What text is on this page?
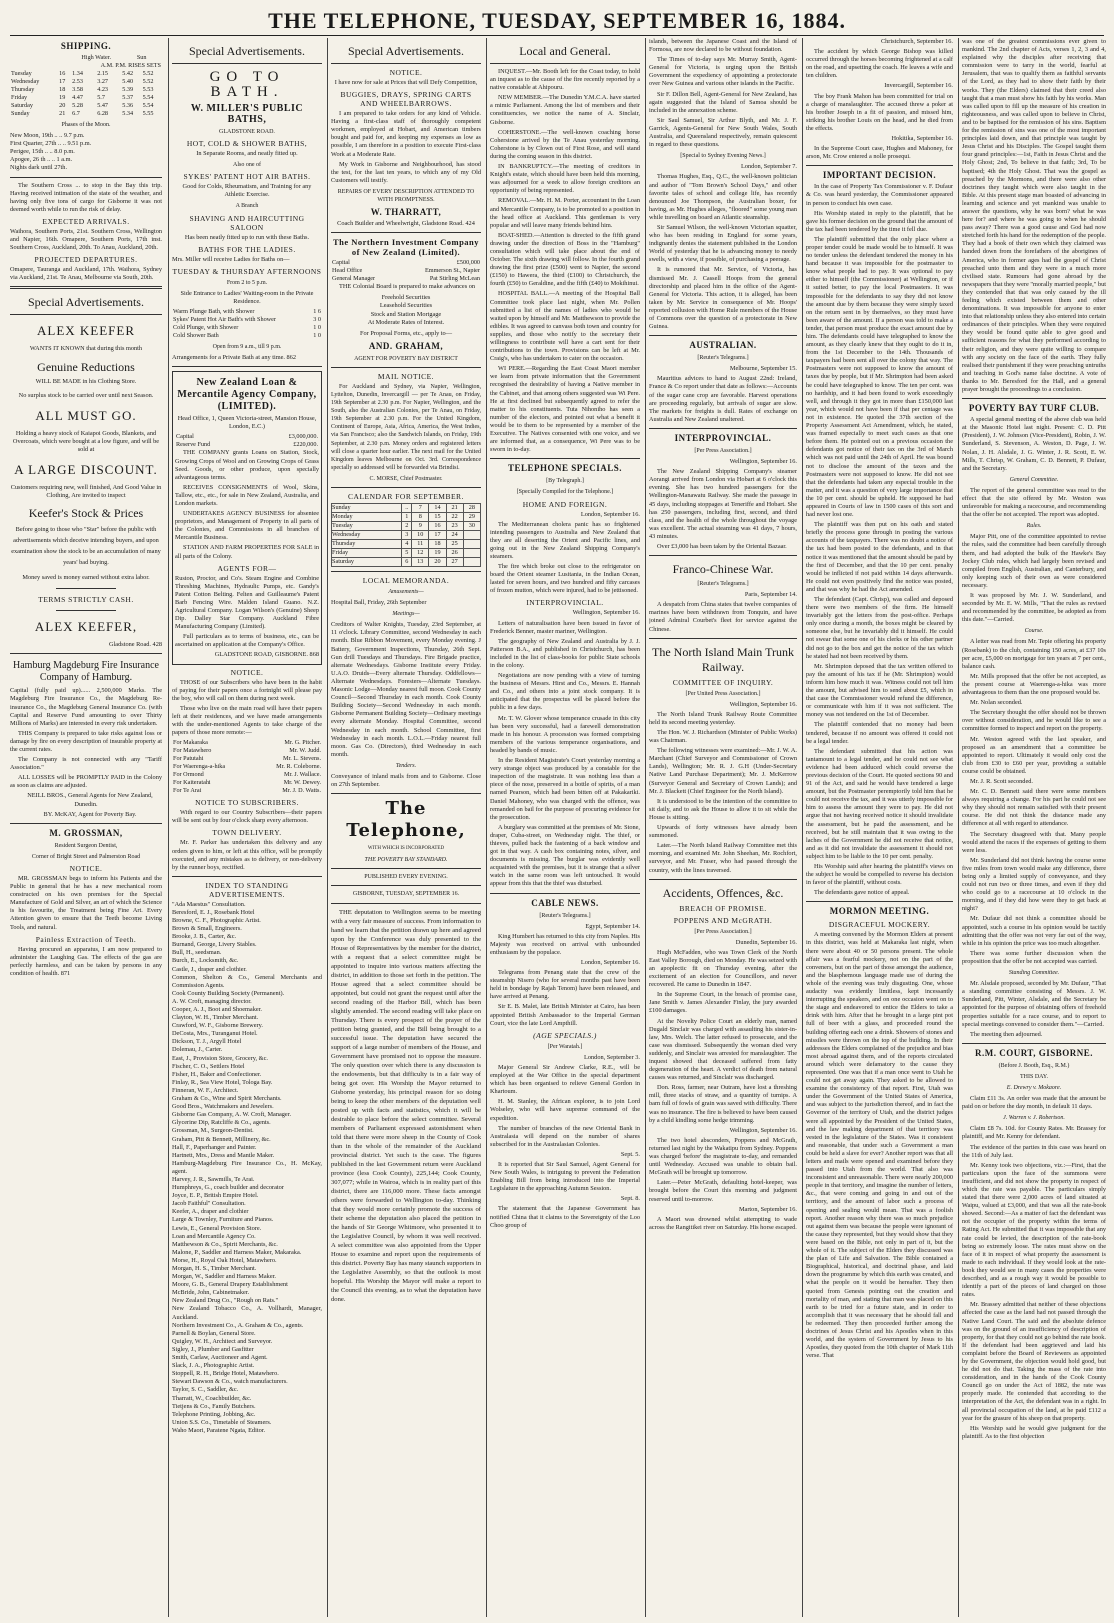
THE TELEPHONE, TUESDAY, SEPTEMBER 16, 1884.
SHIPPING.
		High Water.		Sun	
A.M. P.M. RISES SETS					
Tuesday	16	1.34	2.15	5.42	5.52
Wednesday	17	2.53	3.27	5.40	5.52
Thursday	18	3.58	4.23	5.39	5.53
Friday	19	4.47	5.7	5.37	5.54
Saturday	20	5.28	5.47	5.36	5.54
Sunday	21	6.7	6.28	5.34	5.55
Phases of the Moon.
New Moon, 19th .. .. 9.7 p.m.
First Quarter, 27th .. .. 9.51 p.m.
Perigee, 15th .. .. 8.0 p.m.
Apogee, 26 th .. .. 1 a.m.
Nights dark until 27th.

The Southern Cross ... to stop in the Bay this trip. Having received intimation of the state of the weather, and having only five tons of cargo for Gisborne it was not deemed worth while to run the risk of delay.

EXPECTED ARRIVALS.

Waihora, Southern Ports, 21st. Southern Cross, Wellington and Napier, 16th. Omapere, Southern Ports, 17th inst. Southern Cross, Auckland, 20th. To Anau, Auckland, 20th.

PROJECTED DEPARTURES.

Omapere, Tauranga and Auckland, 17th. Waihora, Sydney via Auckland, 21st. Te Anau, Melbourne via South, 20th.

Special Advertisements.
ALEX KEEFER

WANTS IT KNOWN that during this month

Genuine Reductions

WILL BE MADE in his Clothing Store.

No surplus stock to be carried over until next Season.

ALL MUST GO.

Holding a heavy stock of Kaiapoi Goods, Blankets, and Overcoats, which were bought at a low figure, and will be sold at

A LARGE DISCOUNT.

Customers requiring new, well finished, And Good Value in Clothing, Are invited to inspect

Keefer's Stock & Prices

Before going to those who "Star" before the public with advertisements which deceive intending buyers, and upon examination show the stock to be an accumulation of many years' bad buying.

Money saved is money earned without extra labor.

TERMS STRICTLY CASH.
ALEX KEEFER,

Gladstone Road. 428

Hamburg Magdeburg Fire Insurance Company of Hamburg.

Capital (fully paid up)...... 2,500,000 Marks. The Magdeburg Fire Insurance Co., the Magdeburg Re-insurance Co., the Magdeburg General Insurance Co. (with Capital and Reserve Fund amounting to over Thirty Millions of Marks) are interested in every risk undertaken.

THIS Company is prepared to take risks against loss or damage by fire on every description of insurable property at the current rates.

The Company is not connected with any "Tariff Association."

ALL LOSSES will be PROMPTLY PAID in the Colony as soon as claims are adjusted.

NEILL BROS., General Agents for New Zealand, Dunedin.

BY. McKAY, Agent for Poverty Bay.

M. GROSSMAN,
Resident Surgeon Dentist,
Corner of Bright Street and Palmerston Road
NOTICE.

MR. GROSSMAN begs to inform his Patients and the Public in general that he has a new mechanical room constructed on his own premises for the Special Manufacture of Gold and Silver, an art of which the Science is his favourite, the Treatment being Fine Art. Every Attention given to ensure that the Teeth become Living Tools, and natural.

Painless Extraction of Teeth.

Having procured an apparatus, I am now prepared to administer the Laughing Gas. The effects of the gas are perfectly harmless, and can be taken by persons in any condition of health. 871

Special Advertisements.
GO TO BATH.
W. MILLER'S PUBLIC BATHS,
GLADSTONE ROAD.
HOT, COLD & SHOWER BATHS,

In Separate Rooms, and neatly fitted up.

Also one of
SYKES' PATENT HOT AIR BATHS.

Good for Colds, Rheumatism, and Training for any Athletic Exercise.

A Branch
SHAVING AND HAIRCUTTING SALOON

Has been neatly fitted up to run with these Baths.

BATHS FOR THE LADIES.

Mrs. Miller will receive Ladies for Baths on—

TUESDAY & THURSDAY AFTERNOONS
From 2 to 5 p.m.

Side Entrance to Ladies' Waiting-room in the Private Residence.

Warm Plunge Bath, with Shower	1 6
Sykes' Patent Hot Air Bath's with Shower	3 0
Cold Plunge, with Shower	1 0
Cold Shower Bath	1 0
Open from 9 a.m., till 9 p.m.

Arrangements for a Private Bath at any time. 862

New Zealand Loan & Mercantile Agency Company, (LIMITED).

Head Office, 1, Queen Victoria-street, Mansion House, London, E.C.)

Capital	£3,000,000.
Reserve Fund	£220,000.

THE COMPANY grants Loans on Station, Stock, Growing Crops of Wool and on Growing Crops of Grass Seed. Goods, or other produce, upon specially advantageous terms.

RECEIVES CONSIGNMENTS of Wool, Skins, Tallow, etc., etc., for sale in New Zealand, Australia, and London markets.

UNDERTAKES AGENCY BUSINESS for absentee proprietors, and Management of Property in all parts of the Colonies, and Commissions in all branches of Mercantile Business.

STATION AND FARM PROPERTIES FOR SALE in all parts of the Colony.

AGENTS FOR—

Ruston, Proctor, and Co's. Steam Engine and Combine Threshing Machines, Hydraulic Pumps, etc. Gandy's Patent Cotton Belting. Felten and Guilleaume's Patent Barb Fencing Wire. Malden Island Guano. N.Z. Agricultural Company. Logan Wilson's (Genuine) Sheep Dip. Dalley Star Company. Auckland Fibre Manufacturing Company (Limited).

Full particulars as to terms of business, etc., can be ascertained on application at the Company's Office.

GLADSTONE ROAD, GISBORNE. 868

NOTICE.

THOSE of our Subscribers who have been in the habit of paying for their papers once a fortnight will please pay the boy, who will call on them during next week.

Those who live on the main road will have their papers left at their residences, and we have made arrangements with the under-mentioned Agents to take charge of the papers of those more remote:—

For Makaraka	Mr. G. Pitcher.
For Matawhero	Mr. W. Judd.
For Patutahi	Mr. L. Stevens.
For Waerenga-a-hika	Mr. R. Coleborne.
For Ormond	Mr. J. Wallace.
For Kaiteratahi	Mr. W. Dewey.
For Te Arai	Mr. J. D. Watts.
NOTICE TO SUBSCRIBERS.

With regard to our Country Subscribers—their papers will be sent out by four o'clock sharp every afternoon.

TOWN DELIVERY.

Mr. F. Parker has undertaken this delivery and any orders given to him, or left at this office, will be promptly executed, and any mistakes as to delivery, or non-delivery by the runner boys, rectified.

INDEX TO STANDING ADVERTISEMENTS.
"Ada Maestus" Consultation.
Beresford, E. J., Rosebank Hotel
Browne, C. F., Photographic Artist.
Brown & Small, Engineers.
Brooke, J. B., Carter, &c.
Burnand, George, Livery Stables.
Bull, H., seedsman.
Burch, E., Locksmith, &c.
Castle, J., draper and clothier.
Common, Shelton & Co., General Merchants and Commission Agents.
Cook County Building Society (Permanent).
A. W. Croft, managing director.
Cooper, A. J., Boot and Shoemaker.
Clayton, W. H., Timber Merchant.
Crawford, W. F., Gisborne Brewery.
DeCosta, Mrs., Turanganui Hotel.
Dickson, T. J., Argyll Hotel
Dolemau, J., Carter.
East, J., Provision Store, Grocery, &c.
Fischer, C. O., Settlers Hotel
Fisher, H., Baker and Confectioner.
Finlay, R., Sea View Hotel, Tologa Bay.
Finneran, W. F., Architect.
Graham & Co., Wine and Spirit Merchants.
Good Bros., Watchmakers and Jewelers.
Gisborne Gas Company, A. W. Croft, Manager.
Glycerine Dip, Ratcliffe & Co., agents.
Grossman, M., Surgeon-Dentist.
Graham, Pitt & Bennett, Millinery, &c.
Hall, F., Paperhanger and Painter.
Hartnett, Mrs., Dress and Mantle Maker.
Hamburg-Magdeburg Fire Insurance Co., H. McKay, agent.
Harvey, J. R., Sawmills, Te Arai.
Humphreys, G., coach builder and decorator
Joyce, E. P., British Empire Hotel.
Jacob Faithful" Consultation.
Keefer, A., draper and clothier
Large & Townley, Furniture and Pianos.
Lewis, E., General Provision Store.
Loan and Mercantile Agency Co.
Matthewson & Co., Spirit Merchants, &c.
Malone, P., Saddler and Harness Maker, Makaraka.
Morse, H., Royal Oak Hotel, Matawhero.
Morgan, H. S., Timber Merchant.
Morgan, W., Saddler and Harness Maker.
Moore, G. B., General Drapery Establishment
McBride, John, Cabinetmaker.
New Zealand Drug Co., "Rough on Rats."
New Zealand Tobacco Co., A. Vollhardt, Manager, Auckland.
Northern Investment Co., A. Graham & Co., agents.
Parnell & Boylan, General Store.
Quigley, W. H., Architect and Surveyor.
Sigley, J., Plumber and Gasfitter
Smith, Carlaw, Auctioneer and Agent.
Slack, J. A., Photographic Artist.
Stoppell, R. H., Bridge Hotel, Matawhero.
Stewart Dawson & Co., watch manufacturers.
Taylor, S. C., Saddler, &c.
Tharratt, W., Coachbuilder, &c.
Tietjens & Co., Family Butchers.
Telephone Printing, Jobbing, &c.
Union S.S. Co., Timetable of Steamers.
Waho Maori, Paratene Ngata, Editor.
Special Advertisements.
NOTICE.

I have now for sale at Prices that will Defy Competition,

BUGGIES, DRAYS, SPRING CARTS AND WHEELBARROWS.

I am prepared to take orders for any kind of Vehicle. Having a first-class staff of thoroughly competent workmen, employed at Hobart, and American timbers bought and paid for, and keeping my expenses as low as possible, I am therefore in a position to execute First-class Work at a Moderate Rate.

My Work in Gisborne and Neighbourhood, has stood the test, for the last ten years, to which any of my Old Customers will testify.

REPAIRS OF EVERY DESCRIPTION ATTENDED TO WITH PROMPTNESS.
W. THARRATT,

Coach Builder and Wheelwright, Gladstone Road. 424

The Northern Investment Company of New Zealand (Limited).
Capital	£500,000
Head Office	Emmerson St., Napier
General Manager	Pat Stirling McLean

THE Colonial Board is prepared to make advances on

Freehold Securities
Leasehold Securities
Stock and Station Mortgage
At Moderate Rates of Interest.

For Proposal Forms, etc., apply to—

AND. GRAHAM,
AGENT FOR POVERTY BAY DISTRICT
MAIL NOTICE.

For Auckland and Sydney, via Napier, Wellington, Lyttelton, Dunedin, Invercargill — per Te Anau, on Friday, 19th September at 2.30 p.m. For Napier, Wellington, and the South, also the Australian Colonies, per Te Anau, on Friday, 19th September at 2.30 p.m. For the United Kingdom, Continent of Europe, Asia, Africa, America, the West Indies, via San Francisco; also the Sandwich Islands, on Friday, 19th September, at 2.30 p.m. Money orders and registered letters will close a quarter hour earlier. The next mail for the United Kingdom leaves Melbourne on Oct. 3rd. Correspondence specially so addressed will be forwarded via Brindisi.

C. MORSE, Chief Postmaster.
CALENDAR FOR SEPTEMBER.
Sunday	..	7	14	21	28
Monday	1	8	15	22	29
Tuesday	2	9	16	23	30
Wednesday	3	10	17	24	
Thursday	4	11	18	25	
Friday	5	12	19	26	
Saturday	6	13	20	27	
LOCAL MEMORANDA.
Amusements—

Hospital Ball, Friday, 26th September

Meetings—

Creditors of Walter Knights, Tuesday, 23rd September, at 11 o'clock. Library Committee, second Wednesday in each month. Blue Ribbon Movement, every Monday evening. J Battery, Government Inspections, Thursday, 26th Sept. Gun drill Tuesdays and Thursdays. Fire Brigade practice, alternate Wednesdays. Gisborne Institute every Friday. U.A.O. Druids—Every alternate Thursday. Oddfellows—Alternate Wednesdays. Foresters—Alternate Tuesdays. Masonic Lodge—Monday nearest full moon. Cook County Council—Second Thursday in each month. Cook County Building Society—Second Wednesday in each month. Gisborne Permanent Building Society—Ordinary meetings every alternate Monday. Hospital Committee, second Wednesday in each month. School Committee, first Wednesday in each month. L.O.L.—Friday nearest full moon. Gas Co. (Directors), third Wednesday in each month.

Tenders.

Conveyance of inland mails from and to Gisborne. Close on 27th September.

The Telephone,
WITH WHICH IS INCORPORATED
THE POVERTY BAY STANDARD.
PUBLISHED EVERY EVENING.
GISBORNE, TUESDAY, SEPTEMBER 16.

THE deputation to Wellington seems to be meeting with a very fair measure of success. From information to hand we learn that the petition drawn up here and agreed upon by the Conference was duly presented to the House of Representatives by the member for the district, with a request that a select committee might be appointed to inquire into various matters affecting the district, in addition to those set forth in the petition. The House agreed that a select committee should be appointed, but could not grant the request until after the second reading of the Harbor Bill, which has been slightly amended. The second reading will take place on Thursday. There is every prospect of the prayer of the petition being granted, and the Bill being brought to a successful issue. The deputation have secured the support of a large number of members of the House, and Government have promised not to oppose the measure. The only question over which there is any discussion is the endowments, but that difficulty is in a fair way of being got over. His Worship the Mayor returned to Gisborne yesterday, his principal reason for so doing being to keep the other members of the deputation well posted up with facts and statistics, which it will be desirable to place before the select committee. Several members of Parliament expressed astonishment when told that there were more sheep in the County of Cook than in the whole of the remainder of the Auckland provincial district. Yet such is the case. The figures published in the last Government return were Auckland province (less Cook County), 225,144; Cook County, 307,077; while in Wairoa, which is in reality part of this district, there are 116,000 more. These facts amongst others were forwarded to Wellington to-day. Thinking that they would more certainly promote the success of their scheme the deputation also placed the petition in the hands of Sir George Whitmore, who presented it to the Legislative Council, by whom it was well received. A select committee was also appointed from the Upper House to examine and report upon the requirements of this district. Poverty Bay has many staunch supporters in the Legislative Assembly, so that the outlook is most hopeful. His Worship the Mayor will make a report to the Council this evening, as to what the deputation have done.

Local and General.

INQUEST.—Mr. Booth left for the Coast today, to hold an inquest as to the cause of the fire recently reported by a native constable at Ahipouru.

NEW MEMBER.—The Dunedin Y.M.C.A. have started a mimic Parliament. Among the list of members and their constituencies, we notice the name of A. Sinclair, Gisborne.

COHERSTONE.—The well-known coaching horse Coherstone arrived by the Te Anau yesterday morning. Coherstone is by Clown out of First Rose, and will stand during the coming season in this district.

IN BANKRUPTCY.—The meeting of creditors in Knight's estate, which should have been held this morning, was adjourned for a week to allow foreign creditors an opportunity of being represented.

REMOVAL.—Mr. H. M. Porter, accountant in the Loan and Mercantile Company, is to be promoted to a position in the head office at Auckland. This gentleman is very popular and will leave many friends behind him.

BOAT-SHED.—Attention is directed to the fifth grand drawing under the direction of Boss in the "Hamburg" consultation which will take place about the end of October. The sixth drawing will follow. In the fourth grand drawing the first prize (£500) went to Napier, the second (£150) to Hawera, the third (£100) to Christchurch, the fourth (£50) to Geraldine, and the fifth (£40) to Mokihinui.

HOSPITAL BALL.—A meeting of the Hospital Ball Committee took place last night, when Mr. Pollen submitted a list of the names of ladies who would be waited upon by himself and Mr. Matthewson to provide the edibles. It was agreed to canvass both town and country for supplies, and those who notify to the secretary their willingness to contribute will have a cart sent for their contributions to the town. Provisions can be left at Mr. Craig's, who has undertaken to cater on the occasion.

WI PERE.—Regarding the East Coast Maori member we learn from private information that the Government recognised the desirability of having a Native member in the Cabinet, and that among others suggested was Wi Pere. He at first declined but subsequently agreed to refer the matter to his constituents. Tuta Nihoniho has seen a number of the electors, and pointed out what a benefit it would be to them to be represented by a member of the Executive. The Natives consented with one voice, and we are informed that, as a consequence, Wi Pere was to be sworn in to-day.

TELEPHONE SPECIALS.
[By Telegraph.]
[Specially Compiled for the Telephone.]
HOME AND FOREIGN.

London, September 16.

The Mediterranean cholera panic has so frightened intending passengers to Australia and New Zealand that they are all deserting the Orient and Pacific lines, and going out in the New Zealand Shipping Company's steamers.

The fire which broke out close to the refrigerator on board the Orient steamer Lusitania, in the Indian Ocean, lasted for seven hours, and two hundred and fifty carcases of frozen mutton, which were injured, had to be jettisoned.

INTERPROVINCIAL.

Wellington, September 16.

Letters of naturalisation have been issued in favor of Frederick Benner, master mariner, Wellington.

The geography of New Zealand and Australia by J. J. Patterson B.A., and published in Christchurch, has been included in the list of class-books for public State schools in the colony.

Negotiations are now pending with a view of turning the business of Messrs. Hirst and Co., Messrs. E. Hannah and Co., and others into a joint stock company. It is anticipated that the prospectus will be placed before the public in a few days.

Mr. T. W. Glover whose temperance crusade in this city has been very successful, had a farewell demonstration made in his honour. A procession was formed comprising members of the various temperance organisations, and headed by bands of music.

In the Resident Magistrate's Court yesterday morning a very strange object was produced by a constable for the inspection of the magistrate. It was nothing less than a piece of the nose, preserved in a bottle of spirits, of a man named Pearson, which had been bitten off at Pakakariki. Daniel Mahoney, who was charged with the offence, was remanded on bail for the purpose of procuring evidence for the prosecution.

A burglary was committed at the premises of Mr. Stone, draper, Cuba-street, on Wednesday night. The thief, or thieves, pulled back the fastening of a back window and got in that way. A cash box containing notes, silver, and documents is missing. The burglar was evidently well acquainted with the premises, but it is strange that a silver watch in the same room was left untouched. It would appear from this that the thief was disturbed.

CABLE NEWS.
[Reuter's Telegrams.]

Egypt, September 14.

King Humbert has returned to this city from Naples. His Majesty was received on arrival with unbounded enthusiasm by the populace.

London, September 16.

Telegrams from Penang state that the crew of the steamship Nisero (who for several months past have been held in bondage by Rajah Tenom) have been released, and have arrived at Penang.

Sir E. B. Malet, late British Minister at Cairo, has been appointed British Ambassador to the Imperial German Court, vice the late Lord Ampthill.

(AGE SPECIALS.)
[Per Waratah.]

London, September 3.

Major General Sir Andrew Clarke, R.E., will be employed at the War Office in the special department which has been organised to relieve General Gordon in Khartoum.

H. M. Stanley, the African explorer, is to join Lord Wolseley, who will have supreme command of the expedition.

The number of branches of the new Oriental Bank in Australasia will depend on the number of shares subscribed for in the Australasian Colonies.

Sept. 5.

It is reported that Sir Saul Samuel, Agent General for New South Wales, is intriguing to prevent the Federation Enabling Bill from being introduced into the Imperial Legislature in the approaching Autumn Session.

Sept. 8.

The statement that the Japanese Government has notified China that it claims to the Sovereignty of the Loo Choo group of

islands, between the Japanese Coast and the Island of Formosa, are now declared to be without foundation.

The Times of to-day says Mr. Murray Smith, Agent-General for Victoria, is urging upon the British Government the expediency of appointing a protectorate over New Guinea and various other islands in the Pacific.

Sir F. Dillon Bell, Agent-General for New Zealand, has again suggested that the Island of Samoa should be included in the annexation scheme.

Sir Saul Samuel, Sir Arthur Blyth, and Mr. J. F. Garrick, Agents-General for New South Wales, South Australia, and Queensland respectively, remain quiescent in regard to these questions.

[Special to Sydney Evening News.]

London, September 7.

Thomas Hughes, Esq., Q.C., the well-known politician and author of "Tom Brown's School Days," and other favorite tales of school and college life, has recently denounced Joe Thompson, the Australian boxer, for having, as Mr. Hughes alleges, "floored" some young man while travelling on board an Atlantic steamship.

Sir Samuel Wilson, the well-known Victorian squatter, who has been residing in England for some years, indignantly denies the statement published in the London World of yesterday that he is advancing money to needy swells, with a view, if possible, of purchasing a peerage.

It is rumored that Mr. Service, of Victoria, has dismissed Mr. J. Cassell Hoops from the general directorship and placed him in the office of the Agent-General for Victoria. This action, it is alleged, has been taken by Mr. Service in consequence of Mr. Hoops' reported collusion with Home Rule members of the House of Commons over the question of a protectorate in New Guinea.

AUSTRALIAN.
[Reuter's Telegrams.]

Melbourne, September 15.

Mauritius advices to hand to August 22nd: Ireland, France & Co report under that date as follows:—Accounts of the sugar cane crop are favorable. Harvest operations are proceeding regularly, but arrivals of sugar are slow. The markets for freights is dull. Rates of exchange on Australia and New Zealand unaltered.

INTERPROVINCIAL.
[Per Press Association.]

Wellington, September 16.

The New Zealand Shipping Company's steamer Aorangi arrived from London via Hobart at 6 o'clock this evening. She has two hundred passengers for the Wellington-Manawatu Railway. She made the passage in 45 days, including stoppages at Teneriffe and Hobart. She has 250 passengers, including first, second, and third class, and the health of the whole throughout the voyage was excellent. The actual steaming was 41 days, 7 hours, 43 minutes.

Over £3,000 has been taken by the Oriental Bazaar.

Franco-Chinese War.
[Reuter's Telegrams.]

Paris, September 14.

A despatch from China states that twelve companies of marines have been withdrawn from Tonquin, and have joined Admiral Courbet's fleet for service against the Chinese.

The North Island Main Trunk Railway.
COMMITTEE OF INQUIRY.
[Per United Press Association.]

Wellington, September 16.

The North Island Trunk Railway Route Committee held its second meeting yesterday.

The Hon. W. J. Richardson (Minister of Public Works) was Chairman.

The following witnesses were examined:—Mr. J. W. A. Marchant (Chief Surveyor and Commissioner of Crown Lands), Wellington; Mr. R. J. G.H (Under-Secretary Native Land Purchase Department); Mr. J. McKerrow (Surveyor General and Secretary of Crown Lands); and Mr. J. Blackett (Chief Engineer for the North Island).

It is understood to be the intention of the committee to sit daily, and to ask the House to allow it to sit while the House is sitting.

Upwards of forty witnesses have already been summoned.

Later.—The North Island Railway Committee met this morning, and examined Mr. John Sheehan, Mr. Rochfort, surveyor, and Mr. Fraser, who had passed through the country, with the lines traversed.

Accidents, Offences, &c.
BREACH OF PROMISE.
POPPENS AND McGRATH.
[Per Press Association.]

Dunedin, September 16.

Hugh McFadden, who was Town Clerk of the North East Valley Borough, died on Monday. He was seized with an apoplectic fit on Thursday evening, after the excitement of an election for Councillors, and never recovered. He came to Dunedin in 1847.

In the Supreme Court, in the breach of promise case, Jane Smith v. James Alexander Finlay, the jury awarded £100 damages.

At the Novelty Police Court an elderly man, named Dugald Sinclair was charged with assaulting his sister-in-law, Mrs. Welch. The latter refused to prosecute, and the case was dismissed. Subsequently the woman died very suddenly, and Sinclair was arrested for manslaughter. The inquest showed that deceased suffered from fatty degeneration of the heart. A verdict of death from natural causes was returned, and Sinclair was discharged.

Don. Ross, farmer, near Outram, have lost a threshing mill, three stacks of straw, and a quantity of turnips. A barn full of fowls of grain was saved with difficulty. There was no insurance. The fire is believed to have been caused by a child kindling some hedge trimming.

Wellington, September 16.

The two hotel absconders, Poppens and McGrath, returned last night by the Wakatipu from Sydney. Poppens was charged 'before' the magistrate to-day, and remanded until Wednesday. Accused was unable to obtain bail. McGrath will be brought up tomorrow.

Later.—Peter McGrath, defaulting hotel-keeper, was brought before the Court this morning and judgment reserved until to-morrow.

Marton, September 16.

A Maori was drowned whilst attempting to wade across the Rangitikei river on Saturday. His horse escaped.

Christchurch, September 16.

The accident by which George Bishop was killed occurred through the horses becoming frightened at a calf on the road, and upsetting the coach. He leaves a wife and ten children.

Invercargill, September 16.

The boy Frank Mahon has been committed for trial on a charge of manslaughter. The accused threw a poker at his brother Joseph in a fit of passion, and missed him, striking his brother Louis on the head, and he died from the effects.

Hokitika, September 16.

In the Supreme Court case, Hughes and Mahoney, for arson, Mr. Crow entered a nolle prosequi.

IMPORTANT DECISION.

In the case of Property Tax Commissioner v. F. Dufaur & Co. was heard yesterday, the Commissioner appeared in person to conduct his own case.

His Worship stated in reply to the plaintiff, that he gave his former decision on the ground that the amount of the tax had been tendered by the time it fell due.

The plaintiff submitted that the only place where a proper tender could be made would be to himself. It was no tender unless the defendant tendered the money in his hand because it was impossible for the postmaster to know what people had to pay. It was optional to pay either to himself (the Commissioner) at Wellington, or if it suited better, to pay the local Postmasters. It was impossible for the defendants to say they did not know the amount due by them because they were simply taxed on the return sent in by themselves, so they must have been aware of the amount. If a person was told to make a tender, that person must produce the exact amount due by him. The defendants could have telegraphed to know the amount, as they clearly knew that they ought to do it in, from the 1st December to the 14th. Thousands of taxpayers had been sent all over the colony that way. The Postmasters were not supposed to know the amount of taxes due by people, but if Mr. Shrimpton had been asked he could have telegraphed to know. The ten per cent. was no hardship, and it had been found to work exceedingly well, and through it they got in more than £150,000 last year, which would not have been if that per centage was not in existence. He quoted the 37th section of the Property Assessment Act Amendment, which, he stated, was framed especially to meet such cases as that one before them. He pointed out on a previous occasion the defendants got notice of their tax on the 3rd of March which was not paid until the 24th of April. He was bound not to disclose the amount of the taxes and the Postmasters were not supposed to know. He did not see that the defendants had taken any especial trouble in the matter, and it was a question of very large importance that the 10 per cent. should be upheld. He supposed he had appeared in Courts of law in 1500 cases of this sort and had never lost one.

The plaintiff was then put on his oath and stated briefly the process gone through in posting the various accounts of the taxpayers. There was no doubt a notice of the tax had been posted to the defendants, and in that notice it was mentioned that the amount should be paid by the first of December, and that the 10 per cent. penalty would be inflicted if not paid within 14 days afterwards. He could not even positively find the notice was posted, and that was why he had the Act amended.

The defendant (Capt. Chrisp), was called and deposed there were two members of the firm. He himself invariably got the letters from the post-office. Perhaps only once during a month, the boxes might be cleared by someone else, but he invariably did it himself. He could not swear that some one of his clerks or his other partner did not go to the box and get the notice of the tax which he stated had not been received by them.

Mr. Shrimpton deposed that the tax written offered to pay the amount of his tax if he (Mr. Shrimpton) would inform him how much it was. Witness could not tell him the amount, but advised him to send about £5, which in that case the Commissioner would refund the difference, or communicate with him if it was not sufficient. The money was not tendered on the 1st of December.

The plaintiff contended that no money had been tendered, because if no amount was offered it could not be a legal tender.

The defendant submitted that his action was tantamount to a legal tender, and he could not see what evidence had been adduced which could reverse the previous decision of the Court. He quoted sections 90 and 91 of the Act, and said he would have tendered a large amount, but the Postmaster peremptorily told him that he could not receive the tax, and it was utterly impossible for him to assess the amount they were to pay. He did not argue that not having received notice it should invalidate the assessment, but he paid the assessment, and he received, but he still maintain that it was owing to the laches of the Government he did not receive that notice, and as it did not invalidate the assessment it should not subject him to be liable to the 10 per cent. penalty.

His Worship said after hearing the plaintiff's views on the subject he would be compelled to reverse his decision in favor of the plaintiff, without costs.

The defendants gave notice of appeal.

MORMON MEETING.
DISGRACEFUL MOCKERY.

A meeting convened by the Mormon Elders at present in this district, was held at Makaraka last night, when there were about 40 or 50 persons present. The whole affair was a fearful mockery, not on the part of the conveners, but on the part of those amongst the audience, and the blasphemous language made use of during the whole of the evening was truly disgusting. One, whose audacity was evidently limitless, kept incessantly interrupting the speakers, and on one occasion went on to the stage and endeavored to entice the Elders to take a drink with him. After that he brought in a large pint pot full of beer with a glass, and proceeded round the building offering each one a drink. Showers of stones and missiles were thrown on the top of the building. In their addresses the Elders complained of the prejudice and bias most abroad against them, and of the reports circulated around which were defamatory to the cause they represented. One was that if a man once went to Utah he could not get away again. They asked to be allowed to examine the consistency of that report. First, Utah was under the Government of the United States of America, and was subject to the jurisdiction thereof, and in fact the Governor of the territory of Utah, and the district judges were all appointed by the President of the United States, and the law making department of that territory was vested in the legislature of the States. Was it consistent and reasonable, that under such a Government a man could be held a slave for ever? Another report was that all letters and mails were opened and examined before they passed into Utah from the world. That also was inconsistent and unreasonable. There were nearly 200,000 people in that territory, and imagine the number of letters, &c., that were coming and going in and out of the territory, and the amount of labor such a process of opening and sealing would mean. That was a foolish report. Another reason why there was so much prejudice out against them was because the people were ignorant of the cause they represented, but they would show that they were based on the Bible, not only in part of it, but the whole of it. The subject of the Elders they discussed was the plan of Life and Salvation. The Bible contained a Biographical, historical, and doctrinal phase, and laid down the programme by which this earth was created, and what the people on it would be hereafter. They then quoted from Genesis pointing out the creation and mortality of man, and stating that man was placed on this earth to be tried for a future state, and in order to accomplish that it was necessary that he should fall and be redeemed. They then proceeded further among the doctrines of Jesus Christ and his Apostles when in this world, and the system of Government by Jesus to his Apostles, they quoted from the 10th chapter of Mark 11th verse. That

was one of the greatest commissions ever given to mankind. The 2nd chapter of Acts, verses 1, 2, 3 and 4, explained why the disciples after receiving that commission were to tarry in the world, fearful at Jerusalem, that was to qualify them as faithful servants of the Lord, as they had to show their faith by their works. They (the Elders) claimed that their creed also taught that a man must show his faith by his works. Man was called upon to fill up the measure of his creation in righteousness, and was called upon to believe in Christ, and to be baptised for the remission of his sins. Baptism for the remission of sins was one of the most important principles laid down, and that principle was taught by Jesus Christ and his Disciples. The Gospel taught them four grand principles:—1st, Faith in Jesus Christ and the Holy Ghost; 2nd, To believe in that faith; 3rd, To be baptised; 4th the Holy Ghost. That was the gospel as preached by the Mormons, and there were also other doctrines they taught which were also taught in the Bible. At this present stage man boasted of advancing in learning and science and yet mankind was unable to answer the questions, why he was born? what he was here for? and where he was going to when he should pass away? There was a good cause and God had now stretched forth his hand for the redemption of the people. They had a book of their own which they claimed was handed down from the forefathers of the aborigines of America, who in former ages had the gospel of Christ preached unto them and they were in a much more civilised state. Rumours had gone abroad by the newspapers that they were "morally married people," but they contended that that was only caused by the ill feeling which existed between them and other denominations. It was impossible for anyone to enter into that relationship unless they also entered into certain ordinances of their principles. When they were required they would be found quite able to give good and sufficient reasons for what they performed according to their religion, and they were quite willing to compare with any society on the face of the earth. They fully realised their punishment if they were preaching untruths and teaching in God's name false doctrine. A vote of thanks to Mr. Beresford for the Hall, and a general prayer brought the proceedings to a conclusion.

POVERTY BAY TURF CLUB.

A special general meeting of the above club was held at the Masonic Hotel last night. Present: C. D. Pitt (President), J. W. Johnson (Vice-President), Robin, J. W. Sunderland, S. Stevenson, A. Weston, D. Page, J. W. Nolan, J. H. Alsdale, J. G. Winter, J. R. Scott, E. W. Mills, T. Chrisp, W. Graham, C. D. Bennett, P. Dufaur, and the Secretary.

General Committee.

The report of the general committee was read to the effect that the site offered by Mr. Weston was unfavorable for making a racecourse, and recommending that the offer be not accepted. The report was adopted.

Rules.

Major Pitt, one of the committee appointed to revise the rules, said the committee had been carefully through them, and had adopted the bulk of the Hawke's Bay Jockey Club rules, which had largely been revised and compiled from English, Australian, and Canterbury, and only keeping such of their own as were considered necessary.

It was proposed by Mr. J. W. Sunderland, and seconded by Mr. E. W. Mills, "That the rules as revised and recommended by the committee, be adopted as from this date."—Carried.

Course.

A letter was read from Mr. Tepie offering his property (Rosebank) to the club, containing 150 acres, at £37 10s per acre, £5,000 on mortgage for ten years at 7 per cent., balance cash.

Mr. Mills proposed that the offer be not accepted, as the present course at Waerenga-a-hika was more advantageous to them than the one proposed would be.

Mr. Nolan seconded.

The Secretary thought the offer should not be thrown over without consideration, and he would like to see a committee formed to inspect and report on the property.

Mr. Weston agreed with the last speaker, and proposed as an amendment that a committee be appointed to report. Ultimately it would only cost the club from £30 to £60 per year, providing a suitable course could be obtained.

Mr. J. R. Scott seconded.

Mr. C. D. Bennett said there were some members always requiring a change. For his part he could not see why they should not remain satisfied with their present course. He did not think the distance made any difference at all with regard to attendance.

The Secretary disagreed with that. Many people would attend the races if the expenses of getting to them were less.

Mr. Sunderland did not think having the course some five miles from town would make any difference, there being only a limited supply of conveyance, and they could not run two or three times, and even if they did who could go to a racecourse at 10 o'clock in the morning, and if they did how were they to get back at night?

Mr. Dufaur did not think a committee should be appointed, such a course in his opinion would be tacitly admitting that the offer was not very far out of the way, while in his opinion the price was too much altogether.

There was some further discussion when the proposition that the offer be not accepted was carried.

Standing Committee.

Mr. Alsdale proposed, seconded by Mr. Dufaur, "That a standing committee consisting of Messrs. J. W. Sunderland, Pitt, Winter, Alsdale, and the Secretary be appointed for the purpose of obtaining offers of freehold properties suitable for a race course, and to report to special meetings convened to consider them."—Carried.

The meeting then adjourned.

R.M. COURT, GISBORNE.
(Before J. Booth, Esq., R.M.)
THIS DAY.
E. Drewry v. Mokaore.

Claim £11 3s. An order was made that the amount be paid on or before the day month, in default 11 days.

J. Warren v. J. Robertson.

Claim £8 7s. 10d. for County Rates. Mr. Brassey for plaintiff, and Mr. Kenny for defendant.

The evidence of the parties in this case was heard on the 11th of July last.

Mr. Kenny took two objections, viz.:—First, that the particulars upon the face of the summons were insufficient, and did not show the property in respect of which the rate was payable. The particulars simply stated that there were 2,000 acres of land situated at Waipu, valued at £3,000, and that was all the rate-book showed. Second:—As a matter of fact the defendant was not the occupier of the property within the terms of Rating Act. He submitted that it was impossible that any rate could be levied, the description of the rate-book being so extremely loose. The rates must show on the face of it in respect of what property the assessment is made to each individual. If they would look at the rate-book they would see in many cases the properties were described, and as a rough way it would be possible to identify a part of the pieces of land charged on those rates.

Mr. Brassey admitted that neither of these objections affected the case as the land had not passed through the Native Land Court. The said and the absolute defence was on the ground of an insufficiency of description of property, for that they could not go behind the rate book. If the defendant had been aggrieved and laid his complaint before the Board of Reviewers as appointed by the Government, the objection would hold good, but he did not do that. Taking the mass of the rate into consideration, and in the hands of the Cook County Council go on under the Act of 1882, the rate was properly made. He contended that according to the interpretation of the Act, the defendant was in a right. In all provincial occupation of the land, at he paid £112 a year for the grasure of his sheep on that property.

His Worship said he would give judgment for the plaintiff. As to the first objection
